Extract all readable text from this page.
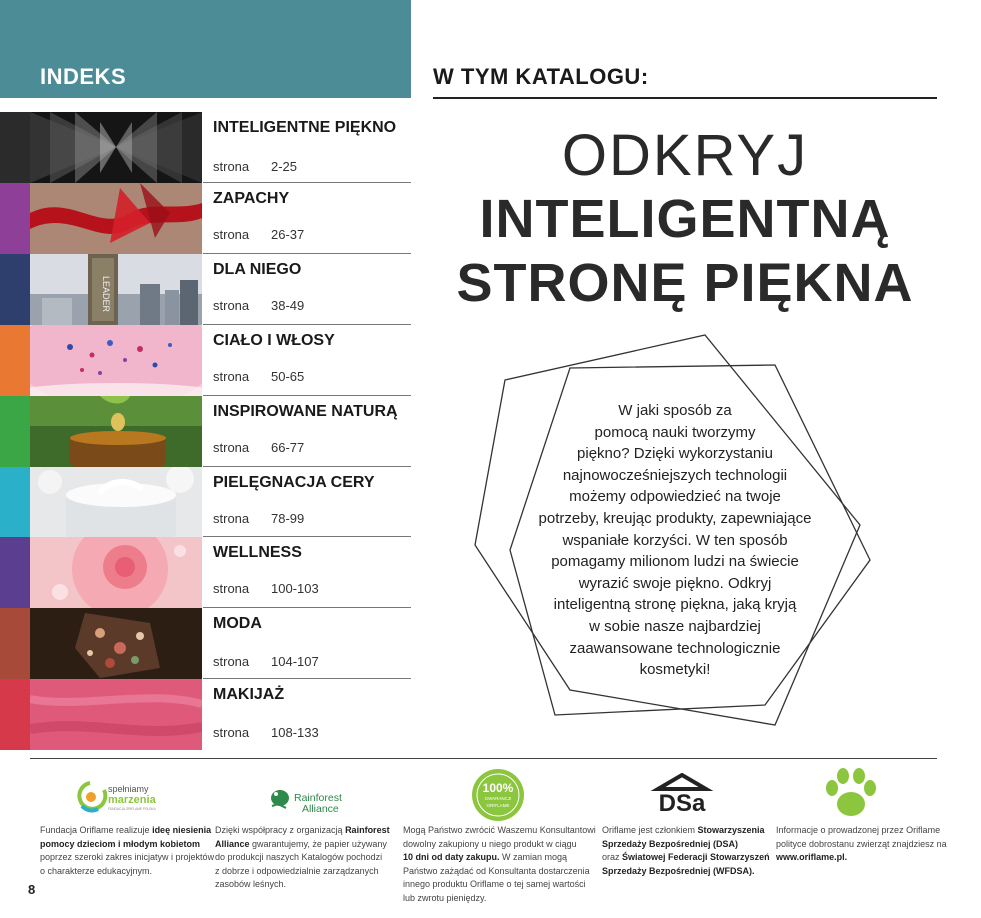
INDEKS	W TYM KATALOGU:
INTELIGENTNE PIĘKNO
strona 2-25
ZAPACHY
strona 26-37
LEADER
DLA NIEGO
strona 38-49
CIAŁO I WŁOSY
strona 50-65
INSPIROWANE NATURĄ
strona 66-77
PIELĘGNACJA CERY
strona 78-99
WELLNESS
strona 100-103
MODA
strona 104-107
MAKIJAŻ
strona 108-133
ODKRYJ
INTELIGENTNĄ
STRONĘ PIĘKNA
W jaki sposób za
pomocą nauki tworzymy
piękno? Dzięki wykorzystaniu
najnowocześniejszych technologii
możemy odpowiedzieć na twoje
potrzeby, kreując produkty, zapewniające
wspaniałe korzyści. W ten sposób
pomagamy milionom ludzi na świecie
wyrazić swoje piękno. Odkryj
inteligentną stronę piękna, jaką kryją
w sobie nasze najbardziej
zaawansowane technologicznie
kosmetyki!
spełniamy
marzenia
FUNDACJA ORIFLAME POLSKA
Rainforest
Alliance
100%
GWARANCJI
ORIFLAME	DSa
Fundacja Oriflame realizuje ideę niesienia
pomocy dzieciom i młodym kobietom
poprzez szeroki zakres inicjatyw i projektów
o charakterze edukacyjnym.
Dzięki współpracy z organizacją Rainforest
Alliance gwarantujemy, że papier używany
do produkcji naszych Katalogów pochodzi
z dobrze i odpowiedzialnie zarządzanych
zasobów leśnych.
Mogą Państwo zwrócić Waszemu Konsultantowi
dowolny zakupiony u niego produkt w ciągu
10 dni od daty zakupu. W zamian mogą
Państwo zażądać od Konsultanta dostarczenia
innego produktu Oriflame o tej samej wartości
lub zwrotu pieniędzy.
Oriflame jest członkiem Stowarzyszenia
Sprzedaży Bezpośredniej (DSA)
oraz Światowej Federacji Stowarzyszeń
Sprzedaży Bezpośredniej (WFDSA).
Informacje o prowadzonej przez Oriflame
polityce dobrostanu zwierząt znajdziesz na
www.oriflame.pl.
8
